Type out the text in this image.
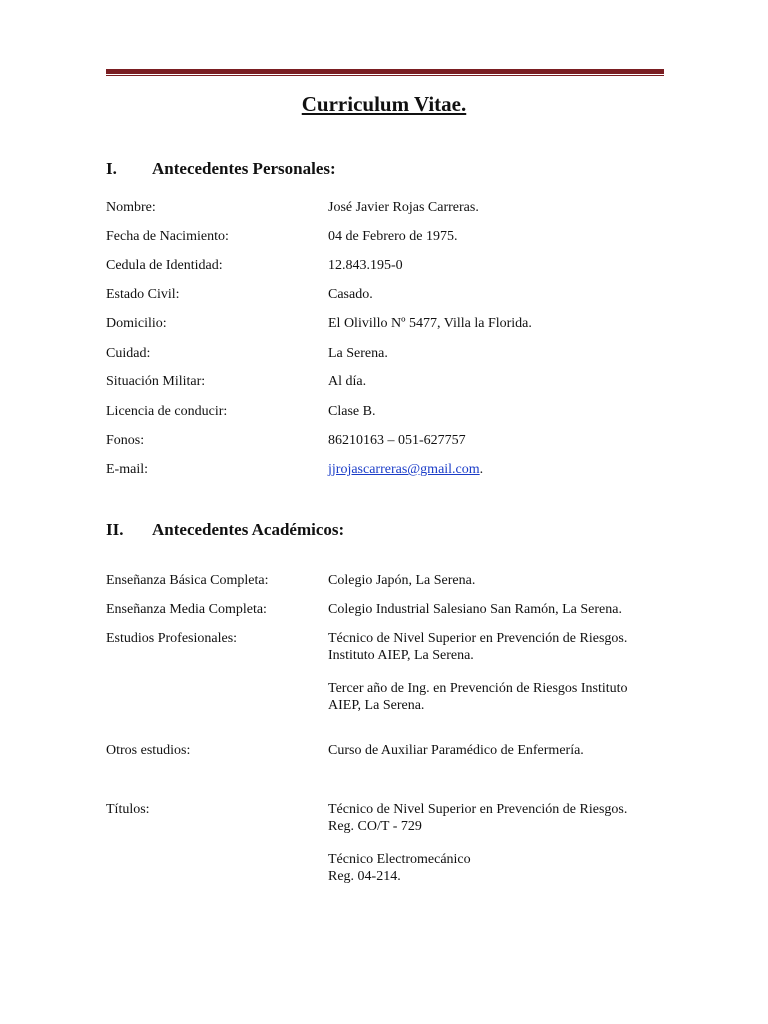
Curriculum Vitae.
I. Antecedentes Personales:
Nombre:	José Javier Rojas Carreras.
Fecha de Nacimiento:	04 de Febrero de 1975.
Cedula de Identidad:	12.843.195-0
Estado Civil:	Casado.
Domicilio:	El Olivillo Nº 5477, Villa la Florida.
Cuidad:	La Serena.
Situación Militar:	Al día.
Licencia de conducir:	Clase B.
Fonos:	86210163 – 051-627757
E-mail:	jjrojascarreras@gmail.com.
II. Antecedentes Académicos:
Enseñanza Básica Completa:	Colegio Japón, La Serena.
Enseñanza Media Completa:	Colegio Industrial Salesiano San Ramón, La Serena.
Estudios Profesionales:	Técnico de Nivel Superior en Prevención de Riesgos.
Instituto AIEP, La Serena.
Tercer año de Ing. en Prevención de Riesgos Instituto
AIEP, La Serena.
Otros estudios:	Curso de Auxiliar Paramédico de Enfermería.
Títulos:	Técnico de Nivel Superior en Prevención de Riesgos.
Reg. CO/T - 729
Técnico Electromecánico
Reg. 04-214.
